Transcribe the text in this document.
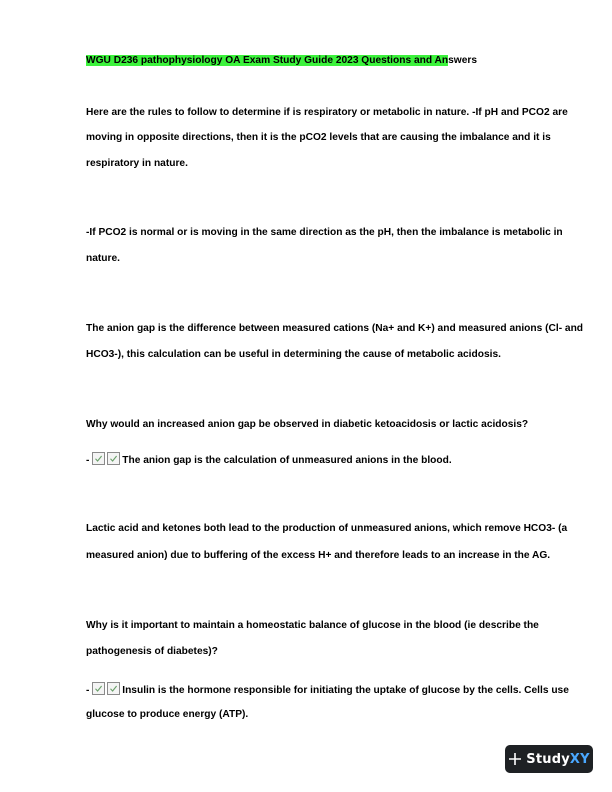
WGU D236 pathophysiology OA Exam Study Guide 2023 Questions and Answers
Here are the rules to follow to determine if is respiratory or metabolic in nature. -If pH and PCO2 are
moving in opposite directions, then it is the pCO2 levels that are causing the imbalance and it is
respiratory in nature.
-If PCO2 is normal or is moving in the same direction as the pH, then the imbalance is metabolic in
nature.
The anion gap is the difference between measured cations (Na+ and K+) and measured anions (Cl- and
HCO3-), this calculation can be useful in determining the cause of metabolic acidosis.
Why would an increased anion gap be observed in diabetic ketoacidosis or lactic acidosis?
-	The anion gap is the calculation of unmeasured anions in the blood.
Lactic acid and ketones both lead to the production of unmeasured anions, which remove HCO3- (a
measured anion) due to buffering of the excess H+ and therefore leads to an increase in the AG.
Why is it important to maintain a homeostatic balance of glucose in the blood (ie describe the
pathogenesis of diabetes)?
-	Insulin is the hormone responsible for initiating the uptake of glucose by the cells. Cells use
glucose to produce energy (ATP).
StudyXY
